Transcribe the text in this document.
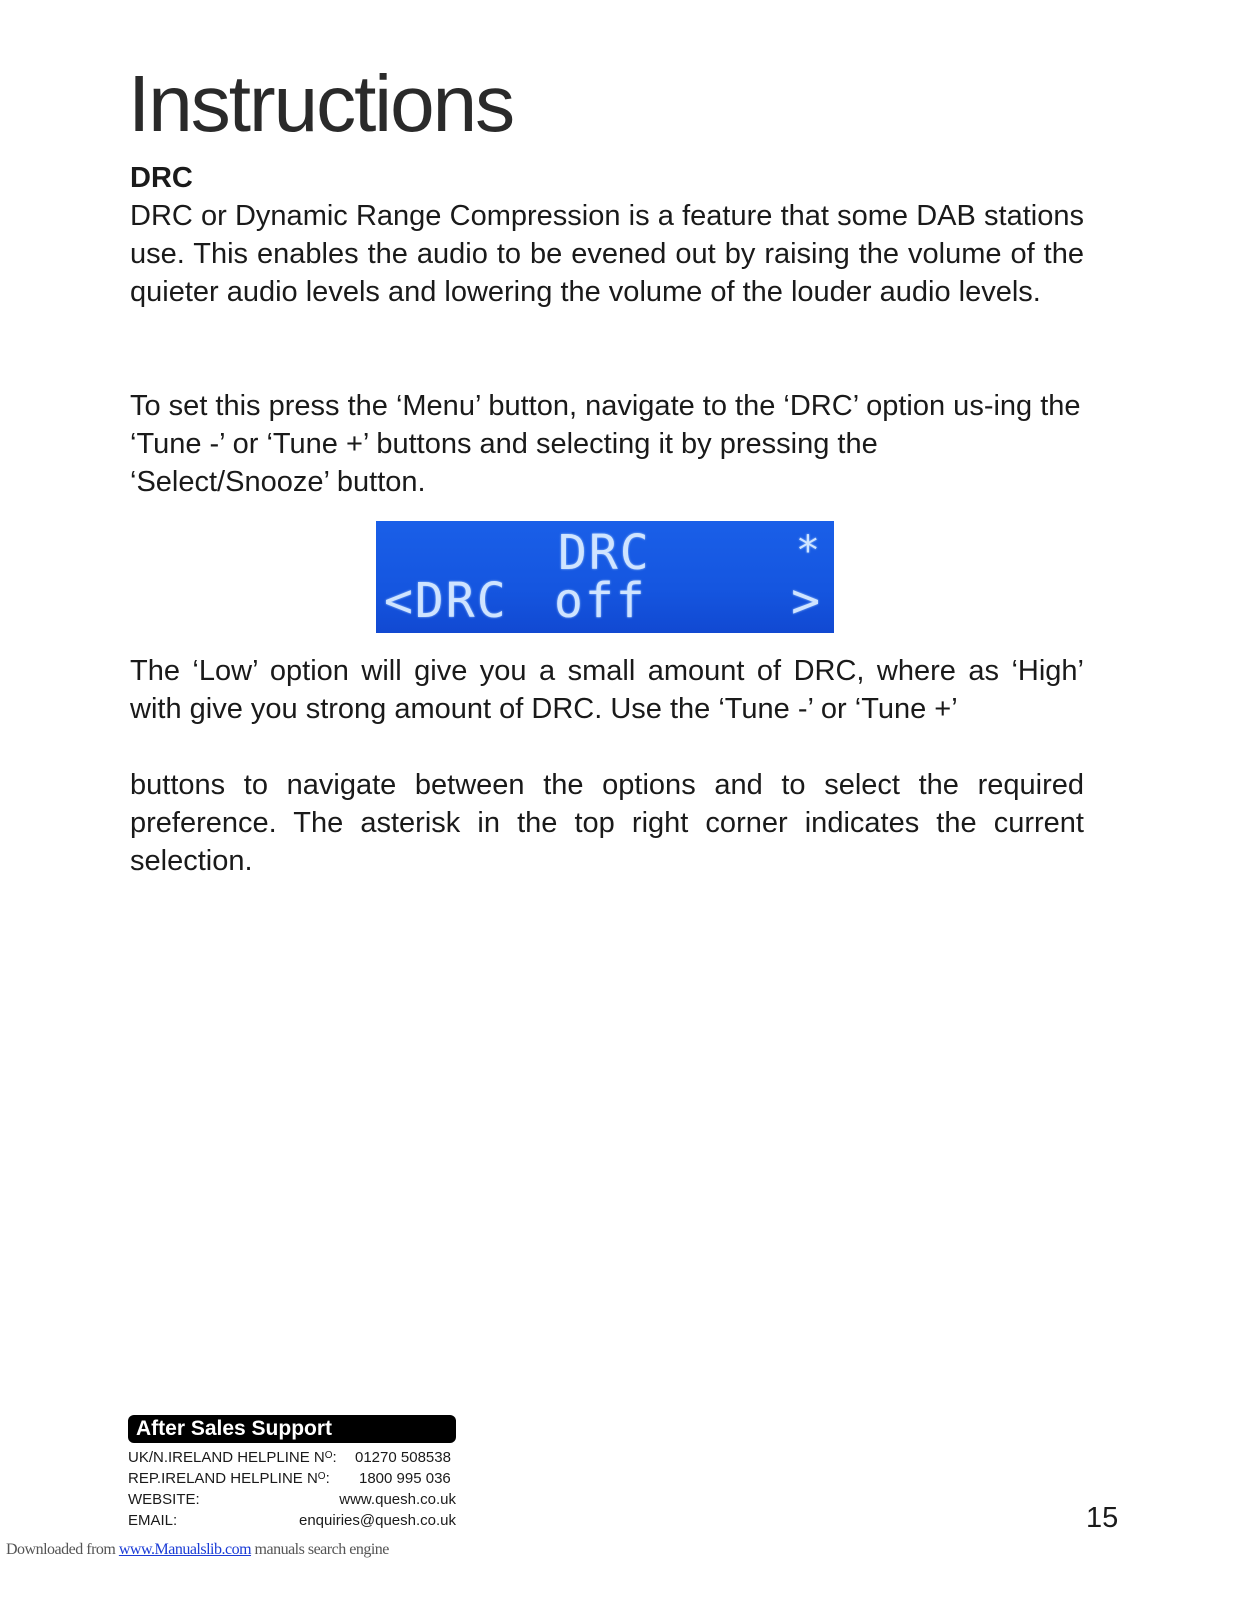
Instructions
DRC

DRC or Dynamic Range Compression is a feature that some DAB stations use. This enables the audio to be evened out by raising the volume of the quieter audio levels and lowering the volume of the louder audio levels.

To set this press the ‘Menu’ button, navigate to the ‘DRC’ option us-ing the ‘Tune -’ or ‘Tune +’ buttons and selecting it by pressing the ‘Select/Snooze’ button.

DRC	*
<DRC off	>

The ‘Low’ option will give you a small amount of DRC, where as ‘High’ with give you strong amount of DRC. Use the ‘Tune -’ or ‘Tune +’

buttons to navigate between the options and to select the required preference. The asterisk in the top right corner indicates the current selection.

After Sales Support
UK/N.IRELAND HELPLINE $N^O$: 01270 508538
REP.IRELAND HELPLINE $N^O$: 1800 995 036
WEBSITE:	www.quesh.co.uk
EMAIL:	enquiries@quesh.co.uk	15
Downloaded from www.Manualslib.com manuals search engine
